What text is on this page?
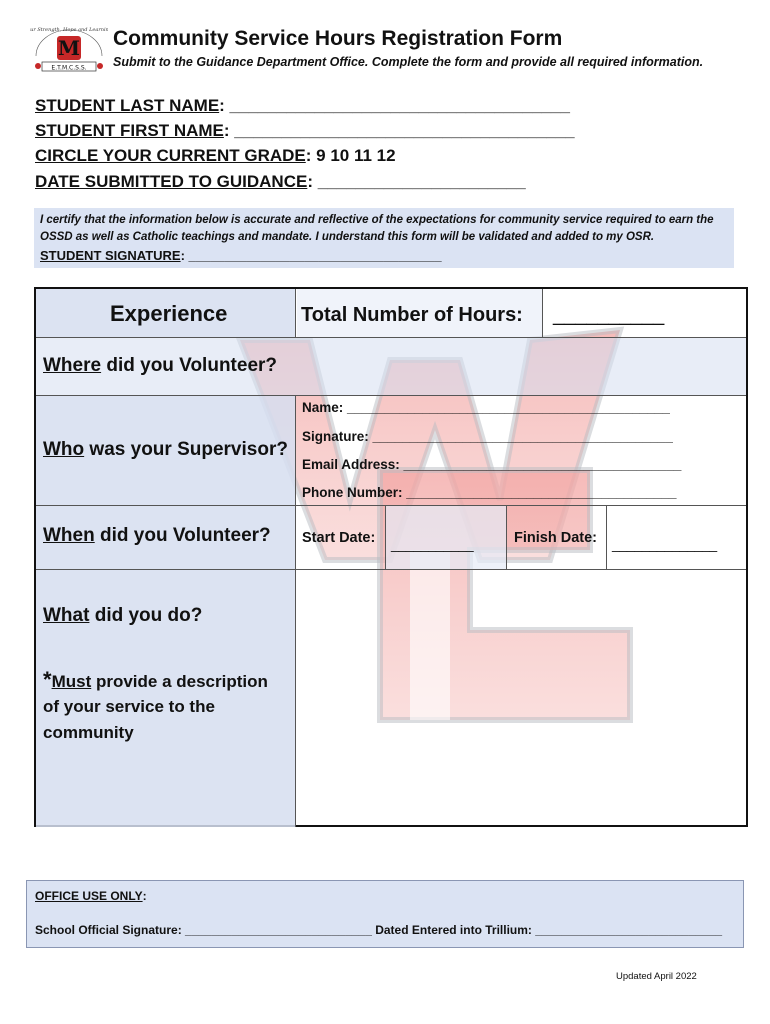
Our Strength, Hope and Learning
M
E.T.M.C.S.S.
Community Service Hours Registration Form
Submit to the Guidance Department Office. Complete the form and provide all required information.
STUDENT LAST NAME: ____________________________________
STUDENT FIRST NAME: ____________________________________
CIRCLE YOUR CURRENT GRADE: 9 10 11 12
DATE SUBMITTED TO GUIDANCE: ______________________
I certify that the information below is accurate and reflective of the expectations for community service required to earn the OSSD as well as Catholic teachings and mandate. I understand this form will be validated and added to my OSR.
STUDENT SIGNATURE: ___________________________________
Experience	Total Number of Hours: __________
Where did you Volunteer?
Who was your Supervisor?
Name: ___________________________________________
Signature: ________________________________________
Email Address: _____________________________________
Phone Number: ____________________________________
When did you Volunteer? Start Date: ___________	Finish Date: ______________
What did you do?
*Must provide a description
of your service to the
community
OFFICE USE ONLY:
School Official Signature: ____________________________ Dated Entered into Trillium: ____________________________
Updated April 2022
